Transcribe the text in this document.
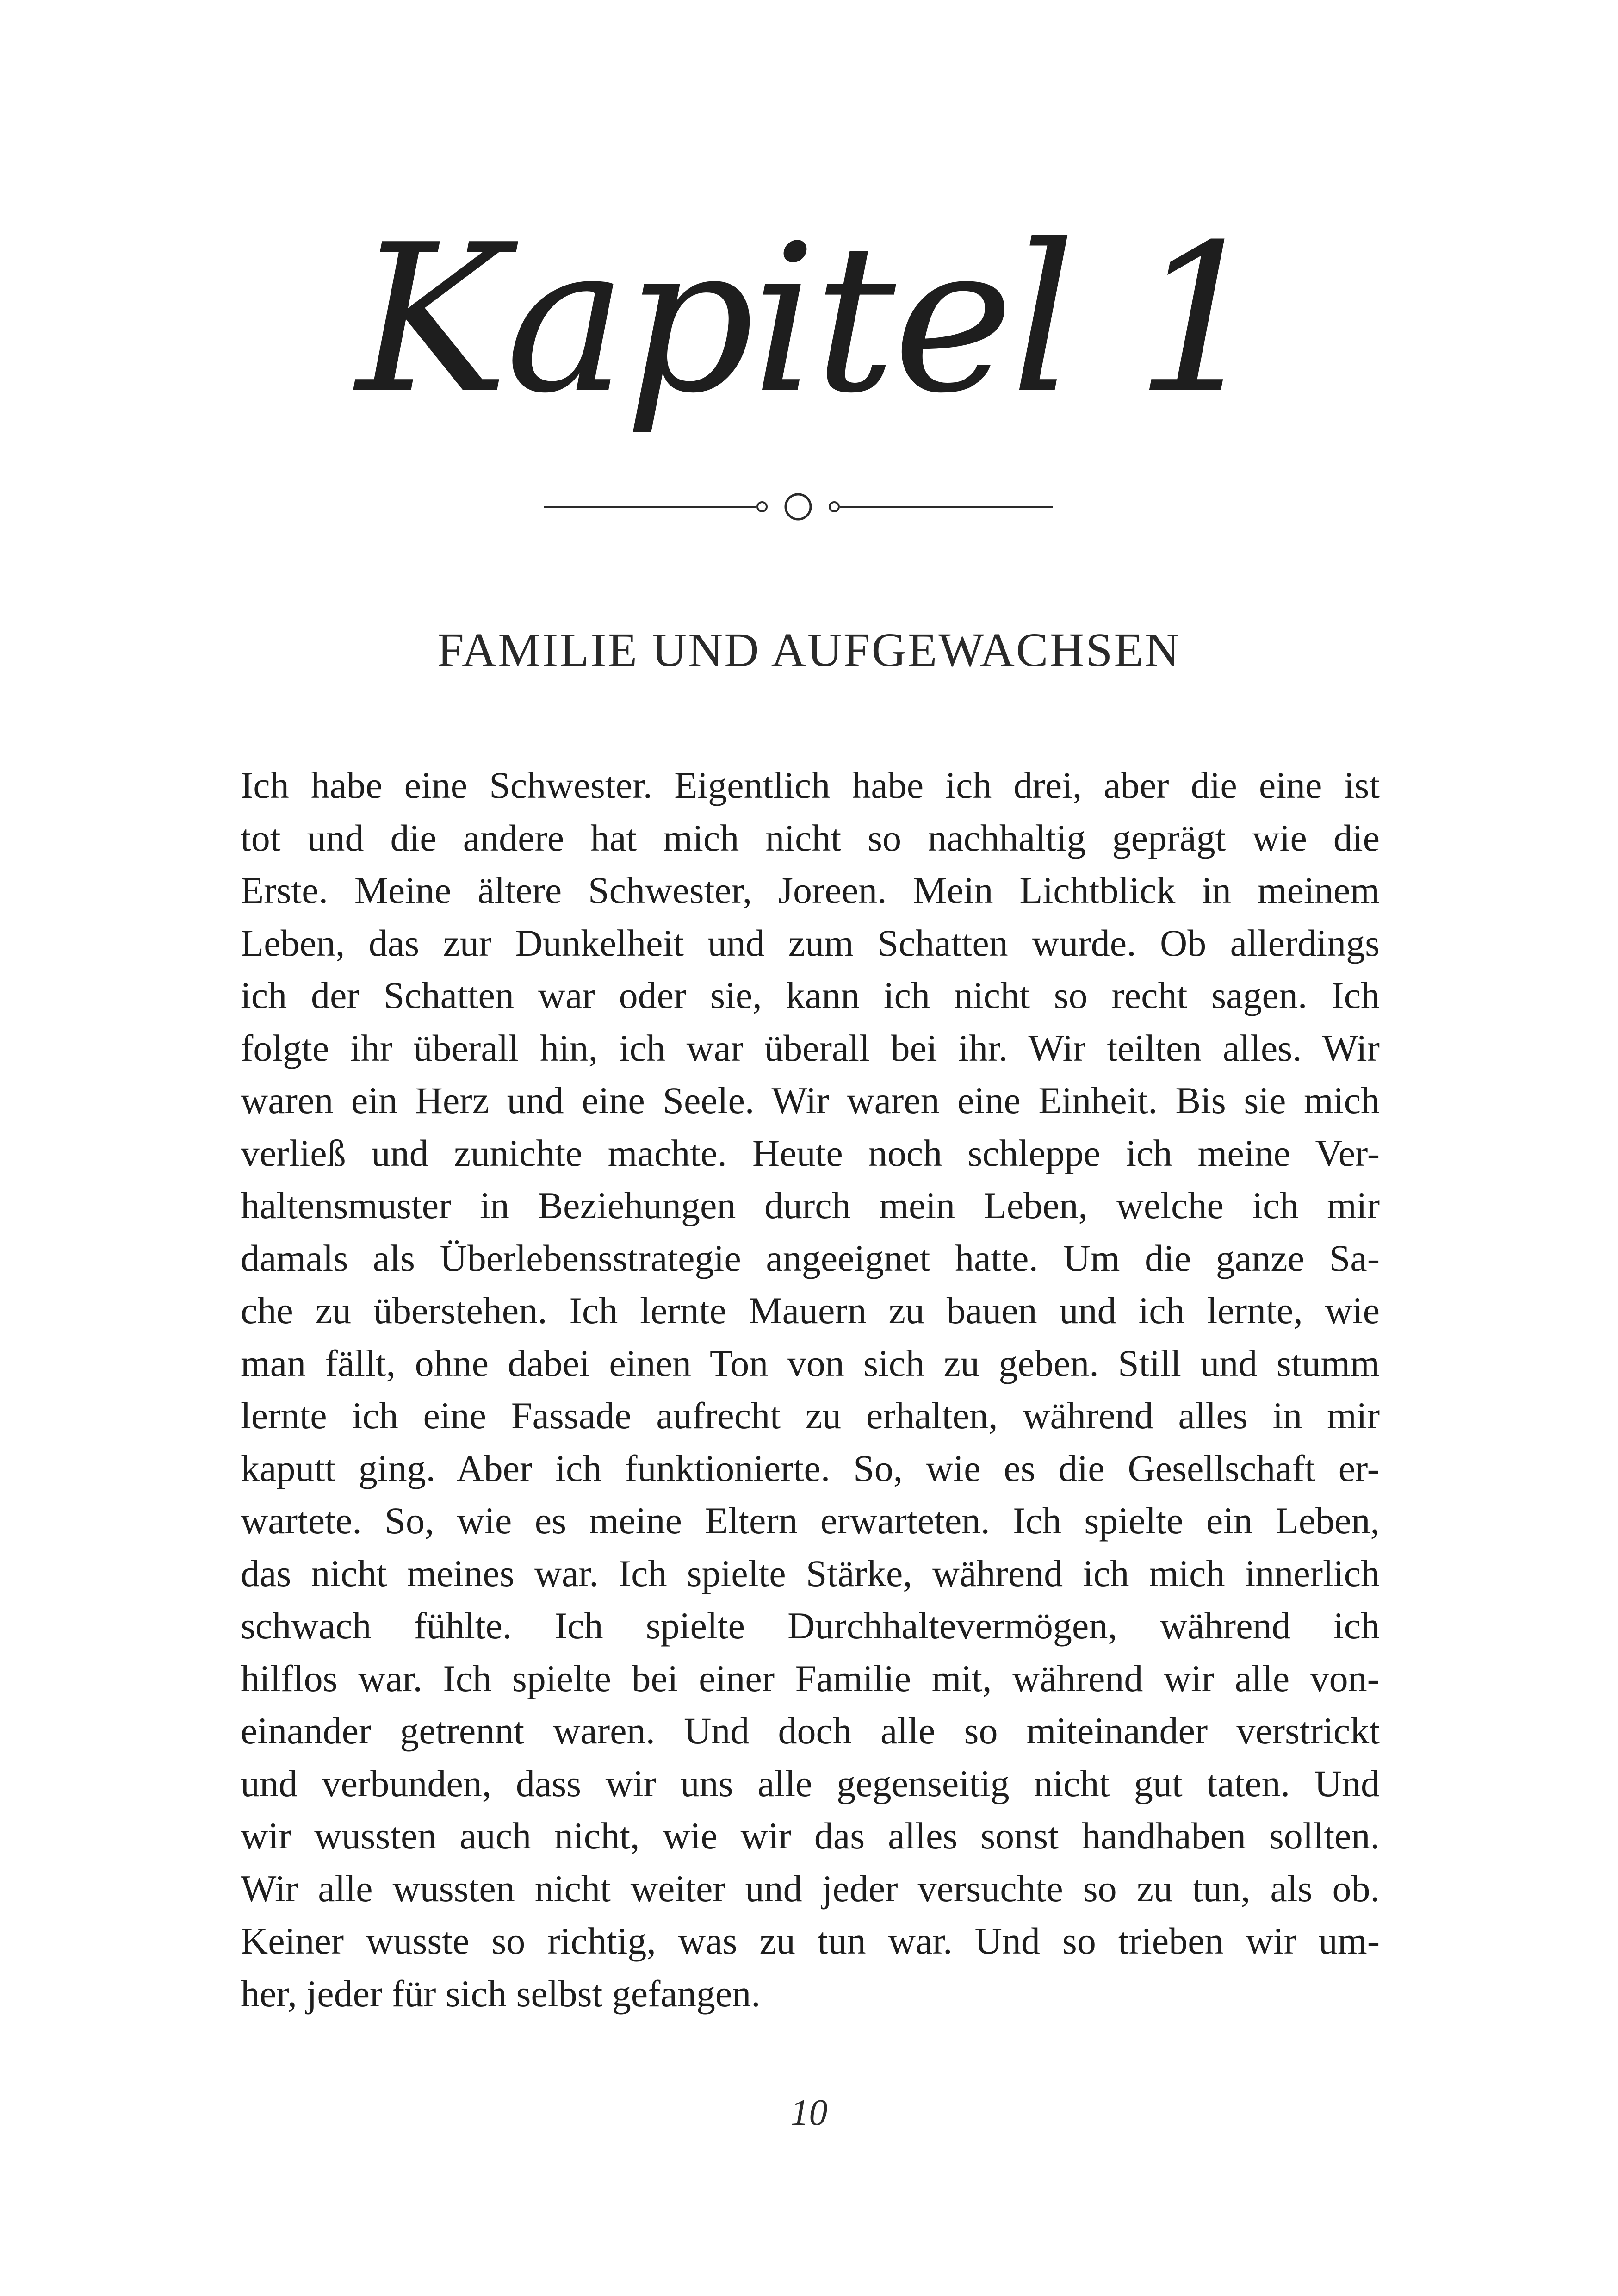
Kapitel 1
FAMILIE UND AUFGEWACHSEN
Ich habe eine Schwester. Eigentlich habe ich drei, aber die eine ist
tot und die andere hat mich nicht so nachhaltig geprägt wie die
Erste. Meine ältere Schwester, Joreen. Mein Lichtblick in meinem
Leben, das zur Dunkelheit und zum Schatten wurde. Ob allerdings
ich der Schatten war oder sie, kann ich nicht so recht sagen. Ich
folgte ihr überall hin, ich war überall bei ihr. Wir teilten alles. Wir
waren ein Herz und eine Seele. Wir waren eine Einheit. Bis sie mich
verließ und zunichte machte. Heute noch schleppe ich meine Ver-
haltensmuster in Beziehungen durch mein Leben, welche ich mir
damals als Überlebensstrategie angeeignet hatte. Um die ganze Sa-
che zu überstehen. Ich lernte Mauern zu bauen und ich lernte, wie
man fällt, ohne dabei einen Ton von sich zu geben. Still und stumm
lernte ich eine Fassade aufrecht zu erhalten, während alles in mir
kaputt ging. Aber ich funktionierte. So, wie es die Gesellschaft er-
wartete. So, wie es meine Eltern erwarteten. Ich spielte ein Leben,
das nicht meines war. Ich spielte Stärke, während ich mich innerlich
schwach fühlte. Ich spielte Durchhaltevermögen, während ich
hilflos war. Ich spielte bei einer Familie mit, während wir alle von-
einander getrennt waren. Und doch alle so miteinander verstrickt
und verbunden, dass wir uns alle gegenseitig nicht gut taten. Und
wir wussten auch nicht, wie wir das alles sonst handhaben sollten.
Wir alle wussten nicht weiter und jeder versuchte so zu tun, als ob.
Keiner wusste so richtig, was zu tun war. Und so trieben wir um-
her, jeder für sich selbst gefangen.
10
